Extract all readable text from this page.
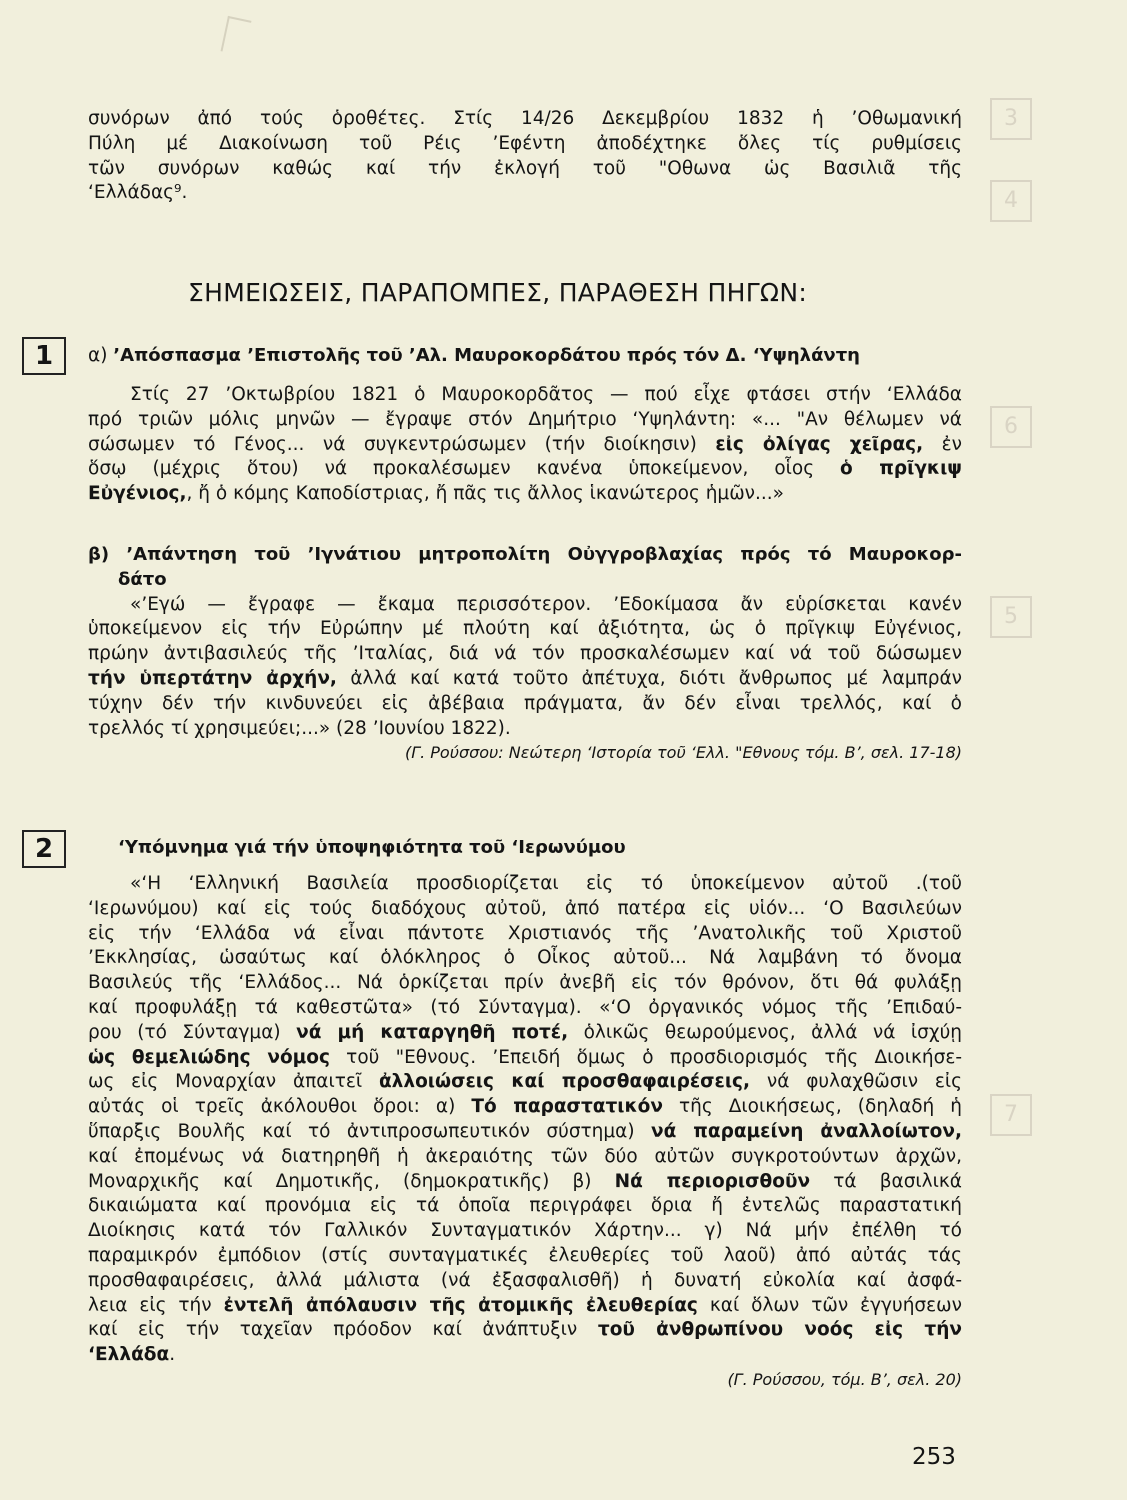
3
4
6
5
7
συνόρων ἀπό τούς ὁροθέτες. Στίς 14/26 Δεκεμβρίου 1832 ἡ ’Οθωμανική
Πύλη μέ Διακοίνωση τοῦ Ρέις ’Εφέντη ἀποδέχτηκε ὅλες τίς ρυθμίσεις
τῶν συνόρων καθώς καί τήν ἐκλογή τοῦ "Οθωνα ὡς Βασιλιᾶ τῆς
‘Ελλάδας⁹.
ΣΗΜΕΙΩΣΕΙΣ, ΠΑΡΑΠΟΜΠΕΣ, ΠΑΡΑΘΕΣΗ ΠΗΓΩΝ:
1	α) ’Απόσπασμα ’Επιστολῆς τοῦ ’Αλ. Μαυροκορδάτου πρός τόν Δ. ‘Υψηλάντη
Στίς 27 ’Οκτωβρίου 1821 ὁ Μαυροκορδᾶτος — πού εἶχε φτάσει στήν ‘Ελλάδα
πρό τριῶν μόλις μηνῶν — ἔγραψε στόν Δημήτριο ‘Υψηλάντη: «... "Αν θέλωμεν νά
σώσωμεν τό Γένος... νά συγκεντρώσωμεν (τήν διοίκησιν) εἰς ὀλίγας χεῖρας, ἐν
ὅσῳ (μέχρις ὅτου) νά προκαλέσωμεν κανένα ὑποκείμενον, οἷος ὁ πρῖγκιψ
Εὐγένιος,, ἤ ὁ κόμης Καποδίστριας, ἤ πᾶς τις ἄλλος ἱκανώτερος ἡμῶν...»
β) ’Απάντηση τοῦ ’Ιγνάτιου μητροπολίτη Οὐγγροβλαχίας πρός τό Μαυροκορ-
δάτο
«’Εγώ — ἔγραφε — ἔκαμα περισσότερον. ’Εδοκίμασα ἄν εὑρίσκεται κανέν
ὑποκείμενον εἰς τήν Εὐρώπην μέ πλούτη καί ἀξιότητα, ὡς ὁ πρῖγκιψ Εὐγένιος,
πρώην ἀντιβασιλεύς τῆς ’Ιταλίας, διά νά τόν προσκαλέσωμεν καί νά τοῦ δώσωμεν
τήν ὑπερτάτην ἀρχήν, ἀλλά καί κατά τοῦτο ἀπέτυχα, διότι ἄνθρωπος μέ λαμπράν
τύχην δέν τήν κινδυνεύει εἰς ἀβέβαια πράγματα, ἄν δέν εἶναι τρελλός, καί ὁ
τρελλός τί χρησιμεύει;...» (28 ’Ιουνίου 1822).
(Γ. Ρούσσου: Νεώτερη ‘Ιστορία τοῦ ‘Ελλ. "Εθνους τόμ. Β’, σελ. 17-18)
2	‘Υπόμνημα γιά τήν ὑποψηφιότητα τοῦ ‘Ιερωνύμου
«‘Η ‘Ελληνική Βασιλεία προσδιορίζεται εἰς τό ὑποκείμενον αὐτοῦ .(τοῦ
‘Ιερωνύμου) καί εἰς τούς διαδόχους αὐτοῦ, ἀπό πατέρα εἰς υἱόν... ‘Ο Βασιλεύων
εἰς τήν ‘Ελλάδα νά εἶναι πάντοτε Χριστιανός τῆς ’Ανατολικῆς τοῦ Χριστοῦ
’Εκκλησίας, ὡσαύτως καί ὁλόκληρος ὁ Οἶκος αὐτοῦ... Νά λαμβάνη τό ὄνομα
Βασιλεύς τῆς ‘Ελλάδος... Νά ὁρκίζεται πρίν ἀνεβῆ εἰς τόν θρόνον, ὅτι θά φυλάξῃ
καί προφυλάξῃ τά καθεστῶτα» (τό Σύνταγμα). «‘Ο ὀργανικός νόμος τῆς ’Επιδαύ-
ρου (τό Σύνταγμα) νά μή καταργηθῆ ποτέ, ὁλικῶς θεωρούμενος, ἀλλά νά ἰσχύῃ
ὡς θεμελιώδης νόμος τοῦ "Εθνους. ’Επειδή ὅμως ὁ προσδιορισμός τῆς Διοικήσε-
ως εἰς Μοναρχίαν ἀπαιτεῖ ἀλλοιώσεις καί προσθαφαιρέσεις, νά φυλαχθῶσιν εἰς
αὐτάς οἱ τρεῖς ἀκόλουθοι ὅροι: α) Τό παραστατικόν τῆς Διοικήσεως, (δηλαδή ἡ
ὕπαρξις Βουλῆς καί τό ἀντιπροσωπευτικόν σύστημα) νά παραμείνη ἀναλλοίωτον,
καί ἐπομένως νά διατηρηθῆ ἡ ἀκεραιότης τῶν δύο αὐτῶν συγκροτούντων ἀρχῶν,
Μοναρχικῆς καί Δημοτικῆς, (δημοκρατικῆς) β) Νά περιορισθοῦν τά βασιλικά
δικαιώματα καί προνόμια εἰς τά ὁποῖα περιγράφει ὅρια ἤ ἐντελῶς παραστατική
Διοίκησις κατά τόν Γαλλικόν Συνταγματικόν Χάρτην... γ) Νά μήν ἐπέλθη τό
παραμικρόν ἐμπόδιον (στίς συνταγματικές ἐλευθερίες τοῦ λαοῦ) ἀπό αὐτάς τάς
προσθαφαιρέσεις, ἀλλά μάλιστα (νά ἐξασφαλισθῆ) ἡ δυνατή εὐκολία καί ἀσφά-
λεια εἰς τήν ἐντελῆ ἀπόλαυσιν τῆς ἀτομικῆς ἐλευθερίας καί ὅλων τῶν ἐγγυήσεων
καί εἰς τήν ταχεῖαν πρόοδον καί ἀνάπτυξιν τοῦ ἀνθρωπίνου νοός εἰς τήν
‘Ελλάδα.
(Γ. Ρούσσου, τόμ. Β’, σελ. 20)
253
